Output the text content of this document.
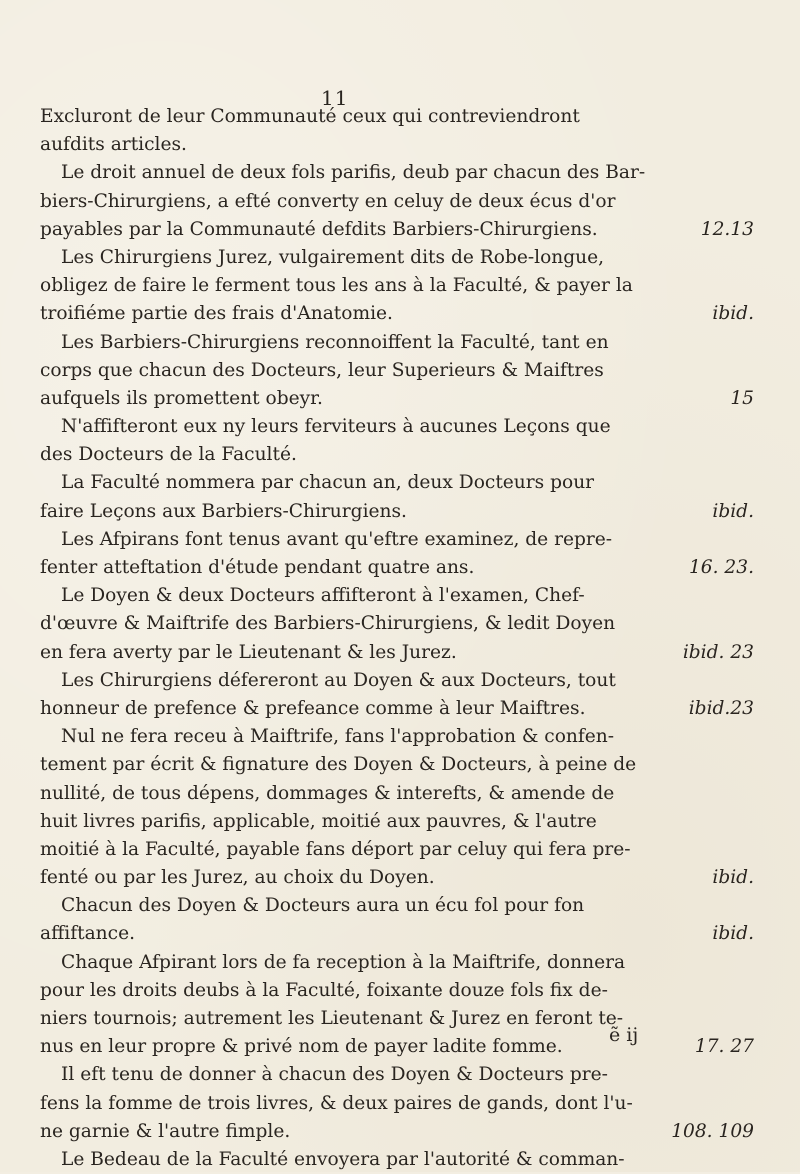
11
Excluront de leur Communauté ceux qui contreviendront
aufdits articles.
Le droit annuel de deux fols parifis, deub par chacun des Bar-
biers-Chirurgiens, a efté converty en celuy de deux écus d'or
payables par la Communauté defdits Barbiers-Chirurgiens.	12.13
Les Chirurgiens Jurez, vulgairement dits de Robe-longue,
obligez de faire le ferment tous les ans à la Faculté, & payer la
troifiéme partie des frais d'Anatomie.	ibid.
Les Barbiers-Chirurgiens reconnoiffent la Faculté, tant en
corps que chacun des Docteurs, leur Superieurs & Maiftres
aufquels ils promettent obeyr.	15
N'affifteront eux ny leurs ferviteurs à aucunes Leçons que
des Docteurs de la Faculté.
La Faculté nommera par chacun an, deux Docteurs pour
faire Leçons aux Barbiers-Chirurgiens.	ibid.
Les Afpirans font tenus avant qu'eftre examinez, de repre-
fenter atteftation d'étude pendant quatre ans.	16. 23.
Le Doyen & deux Docteurs affifteront à l'examen, Chef-
d'œuvre & Maiftrife des Barbiers-Chirurgiens, & ledit Doyen
en fera averty par le Lieutenant & les Jurez.	ibid. 23
Les Chirurgiens défereront au Doyen & aux Docteurs, tout
honneur de prefence & prefeance comme à leur Maiftres.	ibid.23
Nul ne fera receu à Maiftrife, fans l'approbation & confen-
tement par écrit & fignature des Doyen & Docteurs, à peine de
nullité, de tous dépens, dommages & interefts, & amende de
huit livres parifis, applicable, moitié aux pauvres, & l'autre
moitié à la Faculté, payable fans déport par celuy qui fera pre-
fenté ou par les Jurez, au choix du Doyen.	ibid.
Chacun des Doyen & Docteurs aura un écu fol pour fon
affiftance.	ibid.
Chaque Afpirant lors de fa reception à la Maiftrife, donnera
pour les droits deubs à la Faculté, foixante douze fols fix de-
niers tournois; autrement les Lieutenant & Jurez en feront te-
nus en leur propre & privé nom de payer ladite fomme.	17. 27
Il eft tenu de donner à chacun des Doyen & Docteurs pre-
fens la fomme de trois livres, & deux paires de gands, dont l'u-
ne garnie & l'autre fimple.	108. 109
Le Bedeau de la Faculté envoyera par l'autorité & comman-
ẽ ij
